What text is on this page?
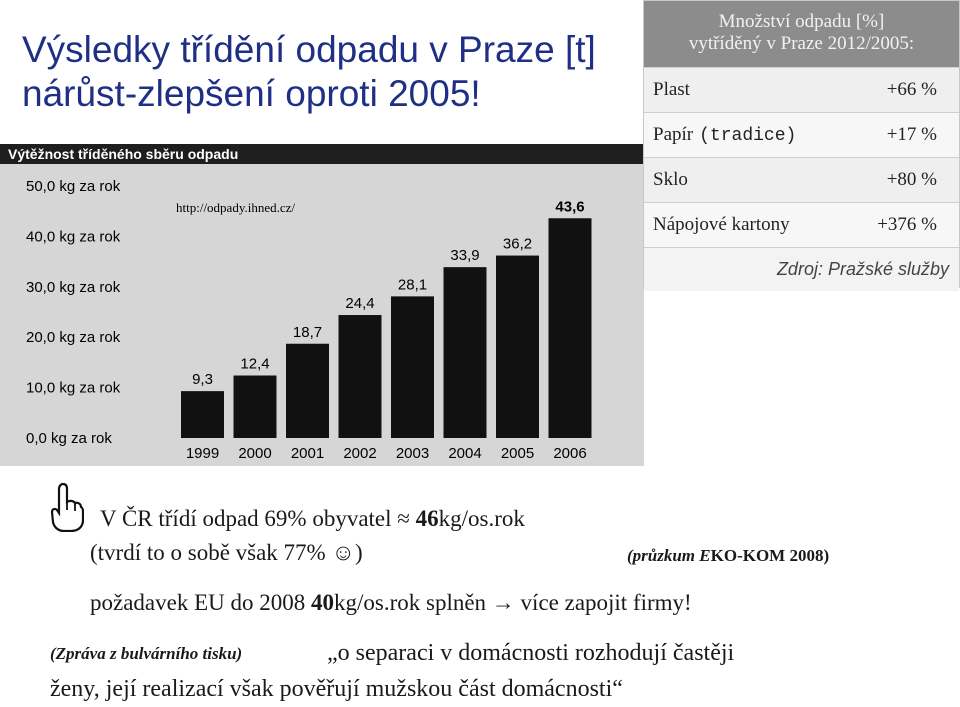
Výsledky třídění odpadu v Praze [t]
nárůst-zlepšení oproti 2005!
Výtěžnost tříděného sběru odpadu
0,0 kg za rok
10,0 kg za rok
20,0 kg za rok
30,0 kg za rok
40,0 kg za rok
50,0 kg za rok
9,3
1999
12,4
2000
18,7
2001
24,4
2002
28,1
2003
33,9
2004
36,2
2005
43,6
2006
http://odpady.ihned.cz/
Množství odpadu [%]
vytříděný v Praze 2012/2005:
Plast	+66 %
Papír (tradice)	+17 %
Sklo	+80 %
Nápojové kartony	+376 %
Zdroj: Pražské služby
V ČR třídí odpad 69% obyvatel ≈ 46kg/os.rok
(tvrdí to o sobě však 77% ☺)	(průzkum EKO-KOM 2008)
požadavek EU do 2008 40kg/os.rok splněn → více zapojit firmy!
(Zpráva z bulvárního tisku)	„o separaci v domácnosti rozhodují častěji
ženy, její realizací však pověřují mužskou část domácnosti“
